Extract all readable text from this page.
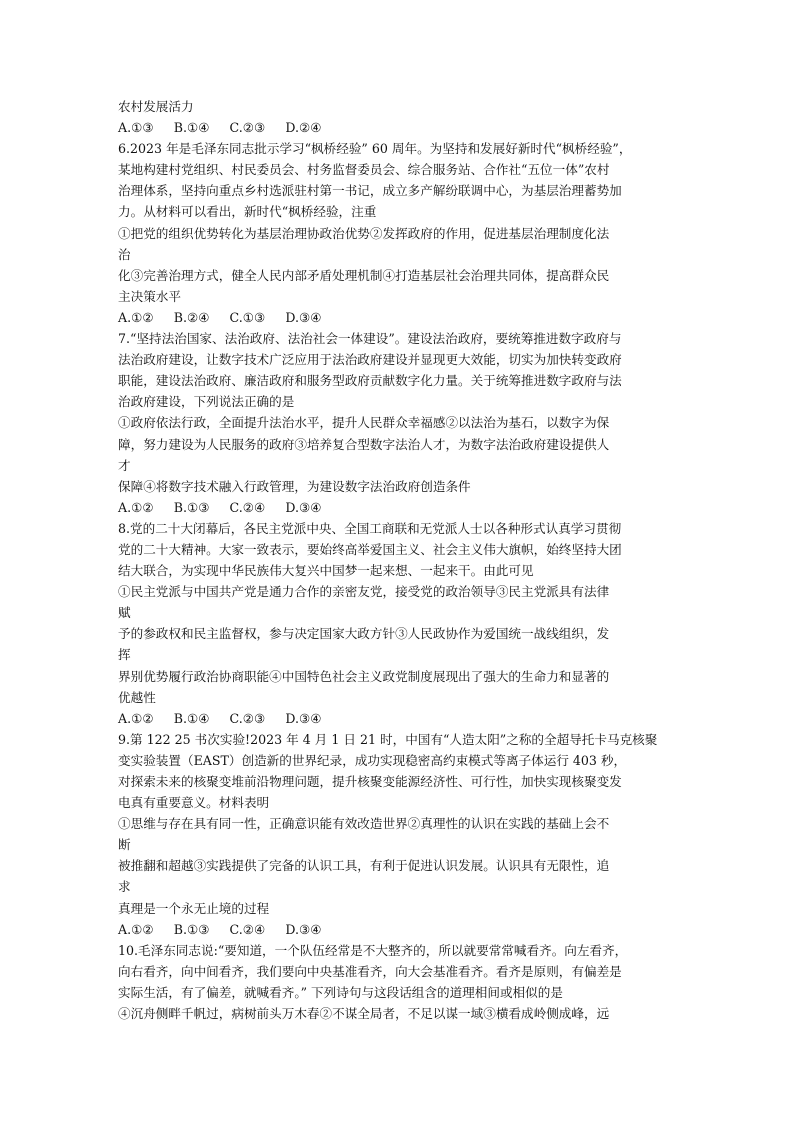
农村发展活力
A.①③ B.①④ C.②③ D.②④
6.2023 年是毛泽东同志批示学习“枫桥经验” 60 周年。为坚持和发展好新时代“枫桥经验”，
某地构建村党组织、村民委员会、村务监督委员会、综合服务站、合作社“五位一体”农村
治理体系，坚持向重点乡村选派驻村第一书记，成立多产解纷联调中心，为基层治理蓄势加
力。从材料可以看出，新时代“枫桥经验，注重
①把党的组织优势转化为基层治理协政治优势②发挥政府的作用，促进基层治理制度化法
治
化③完善治理方式，健全人民内部矛盾处理机制④打造基层社会治理共同体，提高群众民
主决策水平
A.①② B.②④ C.①③ D.③④
7.“坚持法治国家、法治政府、法治社会一体建设”。建设法治政府，要统筹推进数字政府与
法治政府建设，让数字技术广泛应用于法治政府建设并显现更大效能，切实为加快转变政府
职能，建设法治政府、廉洁政府和服务型政府贡献数字化力量。关于统筹推进数字政府与法
治政府建设，下列说法正确的是
①政府依法行政，全面提升法治水平，提升人民群众幸福感②以法治为基石，以数字为保
障，努力建设为人民服务的政府③培养复合型数字法治人才，为数字法治政府建设提供人
才
保障④将数字技术融入行政管理，为建设数字法治政府创造条件
A.①② B.①③ C.②④ D.③④
8.党的二十大闭幕后，各民主党派中央、全国工商联和无党派人士以各种形式认真学习贯彻
党的二十大精神。大家一致表示，要始终高举爱国主义、社会主义伟大旗帜，始终坚持大团
结大联合，为实现中华民族伟大复兴中国梦一起来想、一起来干。由此可见
①民主党派与中国共产党是通力合作的亲密友党，接受党的政治领导③民主党派具有法律
赋
予的参政权和民主监督权，参与决定国家大政方针③人民政协作为爱国统一战线组织，发
挥
界别优势履行政治协商职能④中国特色社会主义政党制度展现出了强大的生命力和显著的
优越性
A.①② B.①④ C.②③ D.③④
9.第 122 25 书次实验!2023 年 4 月 1 日 21 时，中国有“人造太阳”之称的全超导托卡马克核聚
变实验装置（EAST）创造新的世界纪录，成功实现稳密高约束模式等离子体运行 403 秒，
对探索未来的核聚变堆前沿物理问题，提升核聚变能源经济性、可行性，加快实现核聚变发
电真有重要意义。材料表明
①思维与存在具有同一性，正确意识能有效改造世界②真理性的认识在实践的基础上会不
断
被推翻和超越③实践提供了完备的认识工具，有利于促进认识发展。认识具有无限性，追
求
真理是一个永无止境的过程
A.①② B.①③ C.②④ D.③④
10.毛泽东同志说:“要知道，一个队伍经常是不大整齐的，所以就要常常喊看齐。向左看齐，
向右看齐，向中间看齐，我们要向中央基准看齐，向大会基准看齐。看齐是原则，有偏差是
实际生活，有了偏差，就喊看齐。” 下列诗句与这段话组含的道理相间或相似的是
④沉舟侧畔千帆过，病树前头万木春②不谋全局者，不足以谋一域③横看成岭侧成峰，远
